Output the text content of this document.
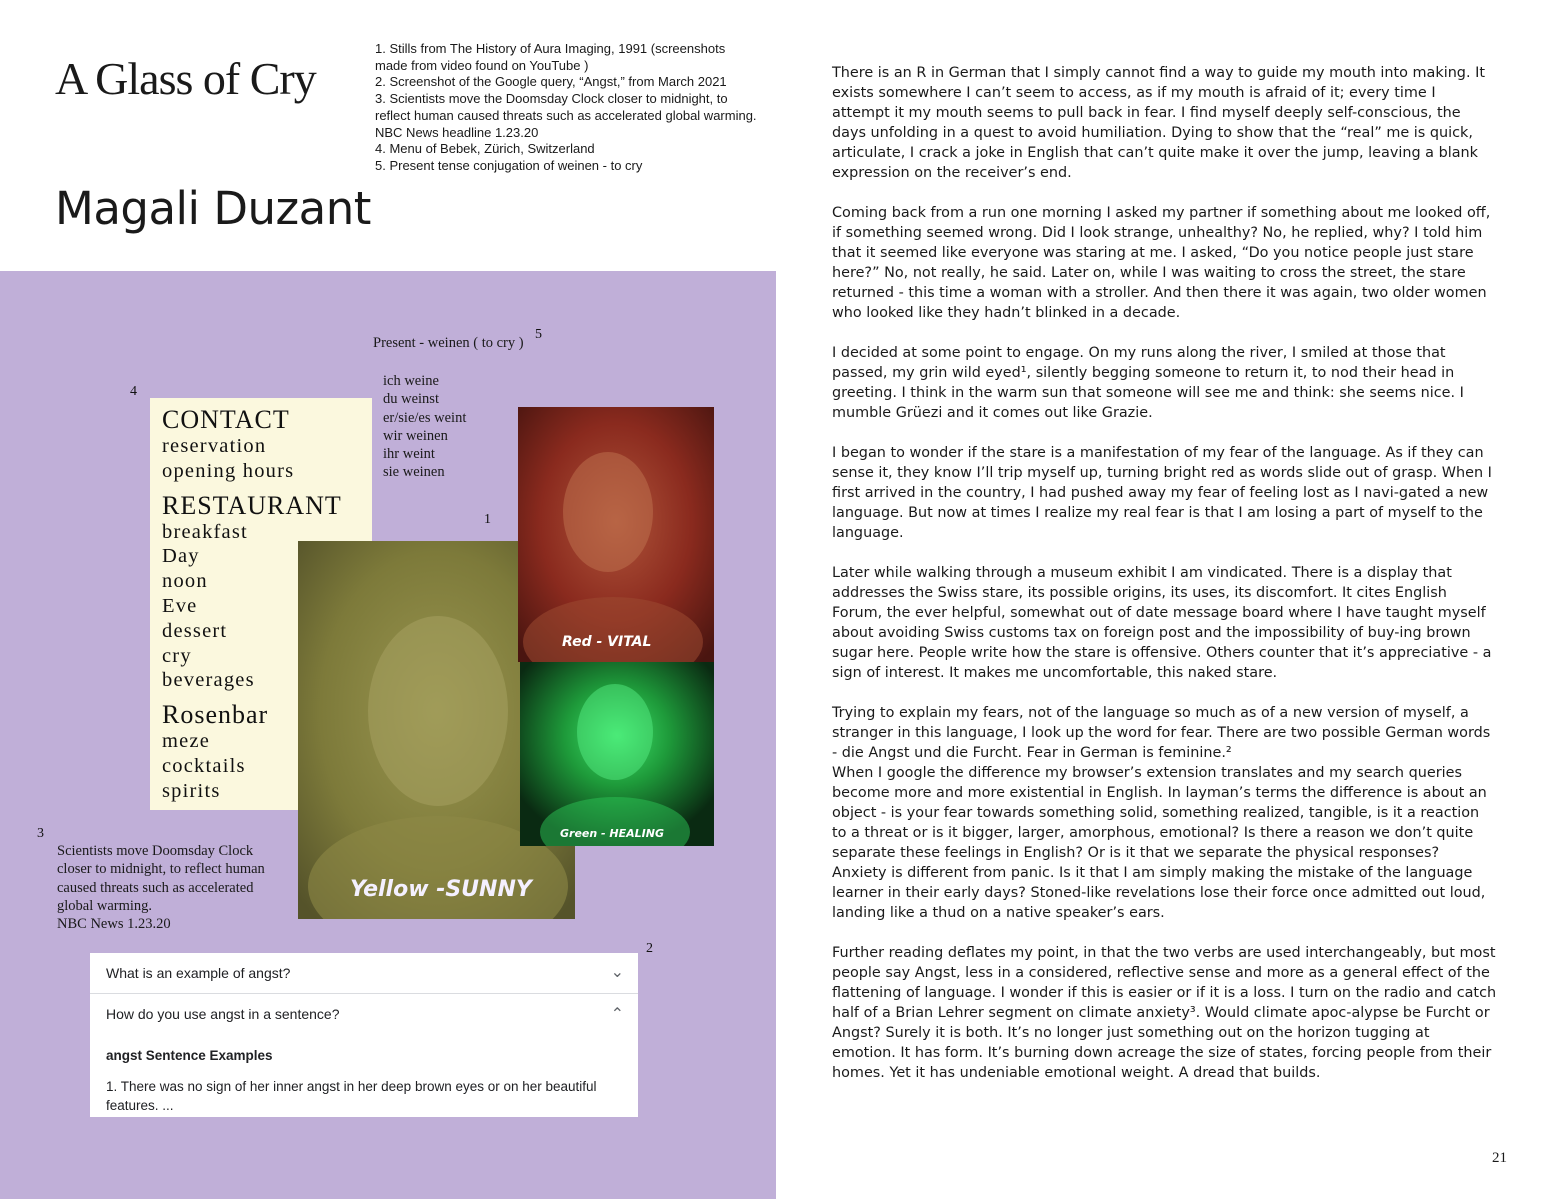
A Glass of Cry
Magali Duzant
1. Stills from The History of Aura Imaging, 1991 (screenshots made from video found on YouTube )
2. Screenshot of the Google query, “Angst,” from March 2021
3. Scientists move the Doomsday Clock closer to midnight, to reflect human caused threats such as accelerated global warming. NBC News headline 1.23.20
4. Menu of Bebek, Zürich, Switzerland
5. Present tense conjugation of weinen - to cry

There is an R in German that I simply cannot find a way to guide my mouth into making. It exists somewhere I can’t seem to access, as if my mouth is afraid of it; every time I attempt it my mouth seems to pull back in fear. I find myself deeply self-conscious, the days unfolding in a quest to avoid humiliation. Dying to show that the “real” me is quick, articulate, I crack a joke in English that can’t quite make it over the jump, leaving a blank expression on the receiver’s end.

Coming back from a run one morning I asked my partner if something about me looked off, if something seemed wrong. Did I look strange, unhealthy? No, he replied, why? I told him that it seemed like everyone was staring at me. I asked, “Do you notice people just stare here?” No, not really, he said. Later on, while I was waiting to cross the street, the stare returned - this time a woman with a stroller. And then there it was again, two older women who looked like they hadn’t blinked in a decade.

I decided at some point to engage. On my runs along the river, I smiled at those that passed, my grin wild eyed¹, silently begging someone to return it, to nod their head in greeting. I think in the warm sun that someone will see me and think: she seems nice. I mumble Grüezi and it comes out like Grazie.

I began to wonder if the stare is a manifestation of my fear of the language. As if they can sense it, they know I’ll trip myself up, turning bright red as words slide out of grasp. When I first arrived in the country, I had pushed away my fear of feeling lost as I navi-gated a new language. But now at times I realize my real fear is that I am losing a part of myself to the language.

Later while walking through a museum exhibit I am vindicated. There is a display that addresses the Swiss stare, its possible origins, its uses, its discomfort. It cites English Forum, the ever helpful, somewhat out of date message board where I have taught myself about avoiding Swiss customs tax on foreign post and the impossibility of buy-ing brown sugar here. People write how the stare is offensive. Others counter that it’s appreciative - a sign of interest. It makes me uncomfortable, this naked stare.

Trying to explain my fears, not of the language so much as of a new version of myself, a stranger in this language, I look up the word for fear. There are two possible German words - die Angst und die Furcht. Fear in German is feminine.²

When I google the difference my browser’s extension translates and my search queries become more and more existential in English. In layman’s terms the difference is about an object - is your fear towards something solid, something realized, tangible, is it a reaction to a threat or is it bigger, larger, amorphous, emotional? Is there a reason we don’t quite separate these feelings in English? Or is it that we separate the physical responses? Anxiety is different from panic. Is it that I am simply making the mistake of the language learner in their early days? Stoned-like revelations lose their force once admitted out loud, landing like a thud on a native speaker’s ears.

Further reading deflates my point, in that the two verbs are used interchangeably, but most people say Angst, less in a considered, reflective sense and more as a general effect of the flattening of language. I wonder if this is easier or if it is a loss. I turn on the radio and catch half of a Brian Lehrer segment on climate anxiety³. Would climate apoc-alypse be Furcht or Angst? Surely it is both. It’s no longer just something out on the horizon tugging at emotion. It has form. It’s burning down acreage the size of states, forcing people from their homes. Yet it has undeniable emotional weight. A dread that builds.

21
5
4
1
3
2
Present - weinen ( to cry )
ich weine
du weinst
er/sie/es weint
wir weinen
ihr weint
sie weinen
CONTACT
reservation
opening hours
RESTAURANT
breakfast
Day
noon
Eve
dessert
cry
beverages
Rosenbar
meze
cocktails
spirits
Yellow -SUNNY
Red - VITAL
Green - HEALING
Scientists move Doomsday Clock
closer to midnight, to reflect human
caused threats such as accelerated
global warming.
NBC News 1.23.20
What is an example of angst?	⌄
How do you use angst in a sentence?	⌃
angst Sentence Examples
1. There was no sign of her inner angst in her deep brown eyes or on her beautiful features. ...
